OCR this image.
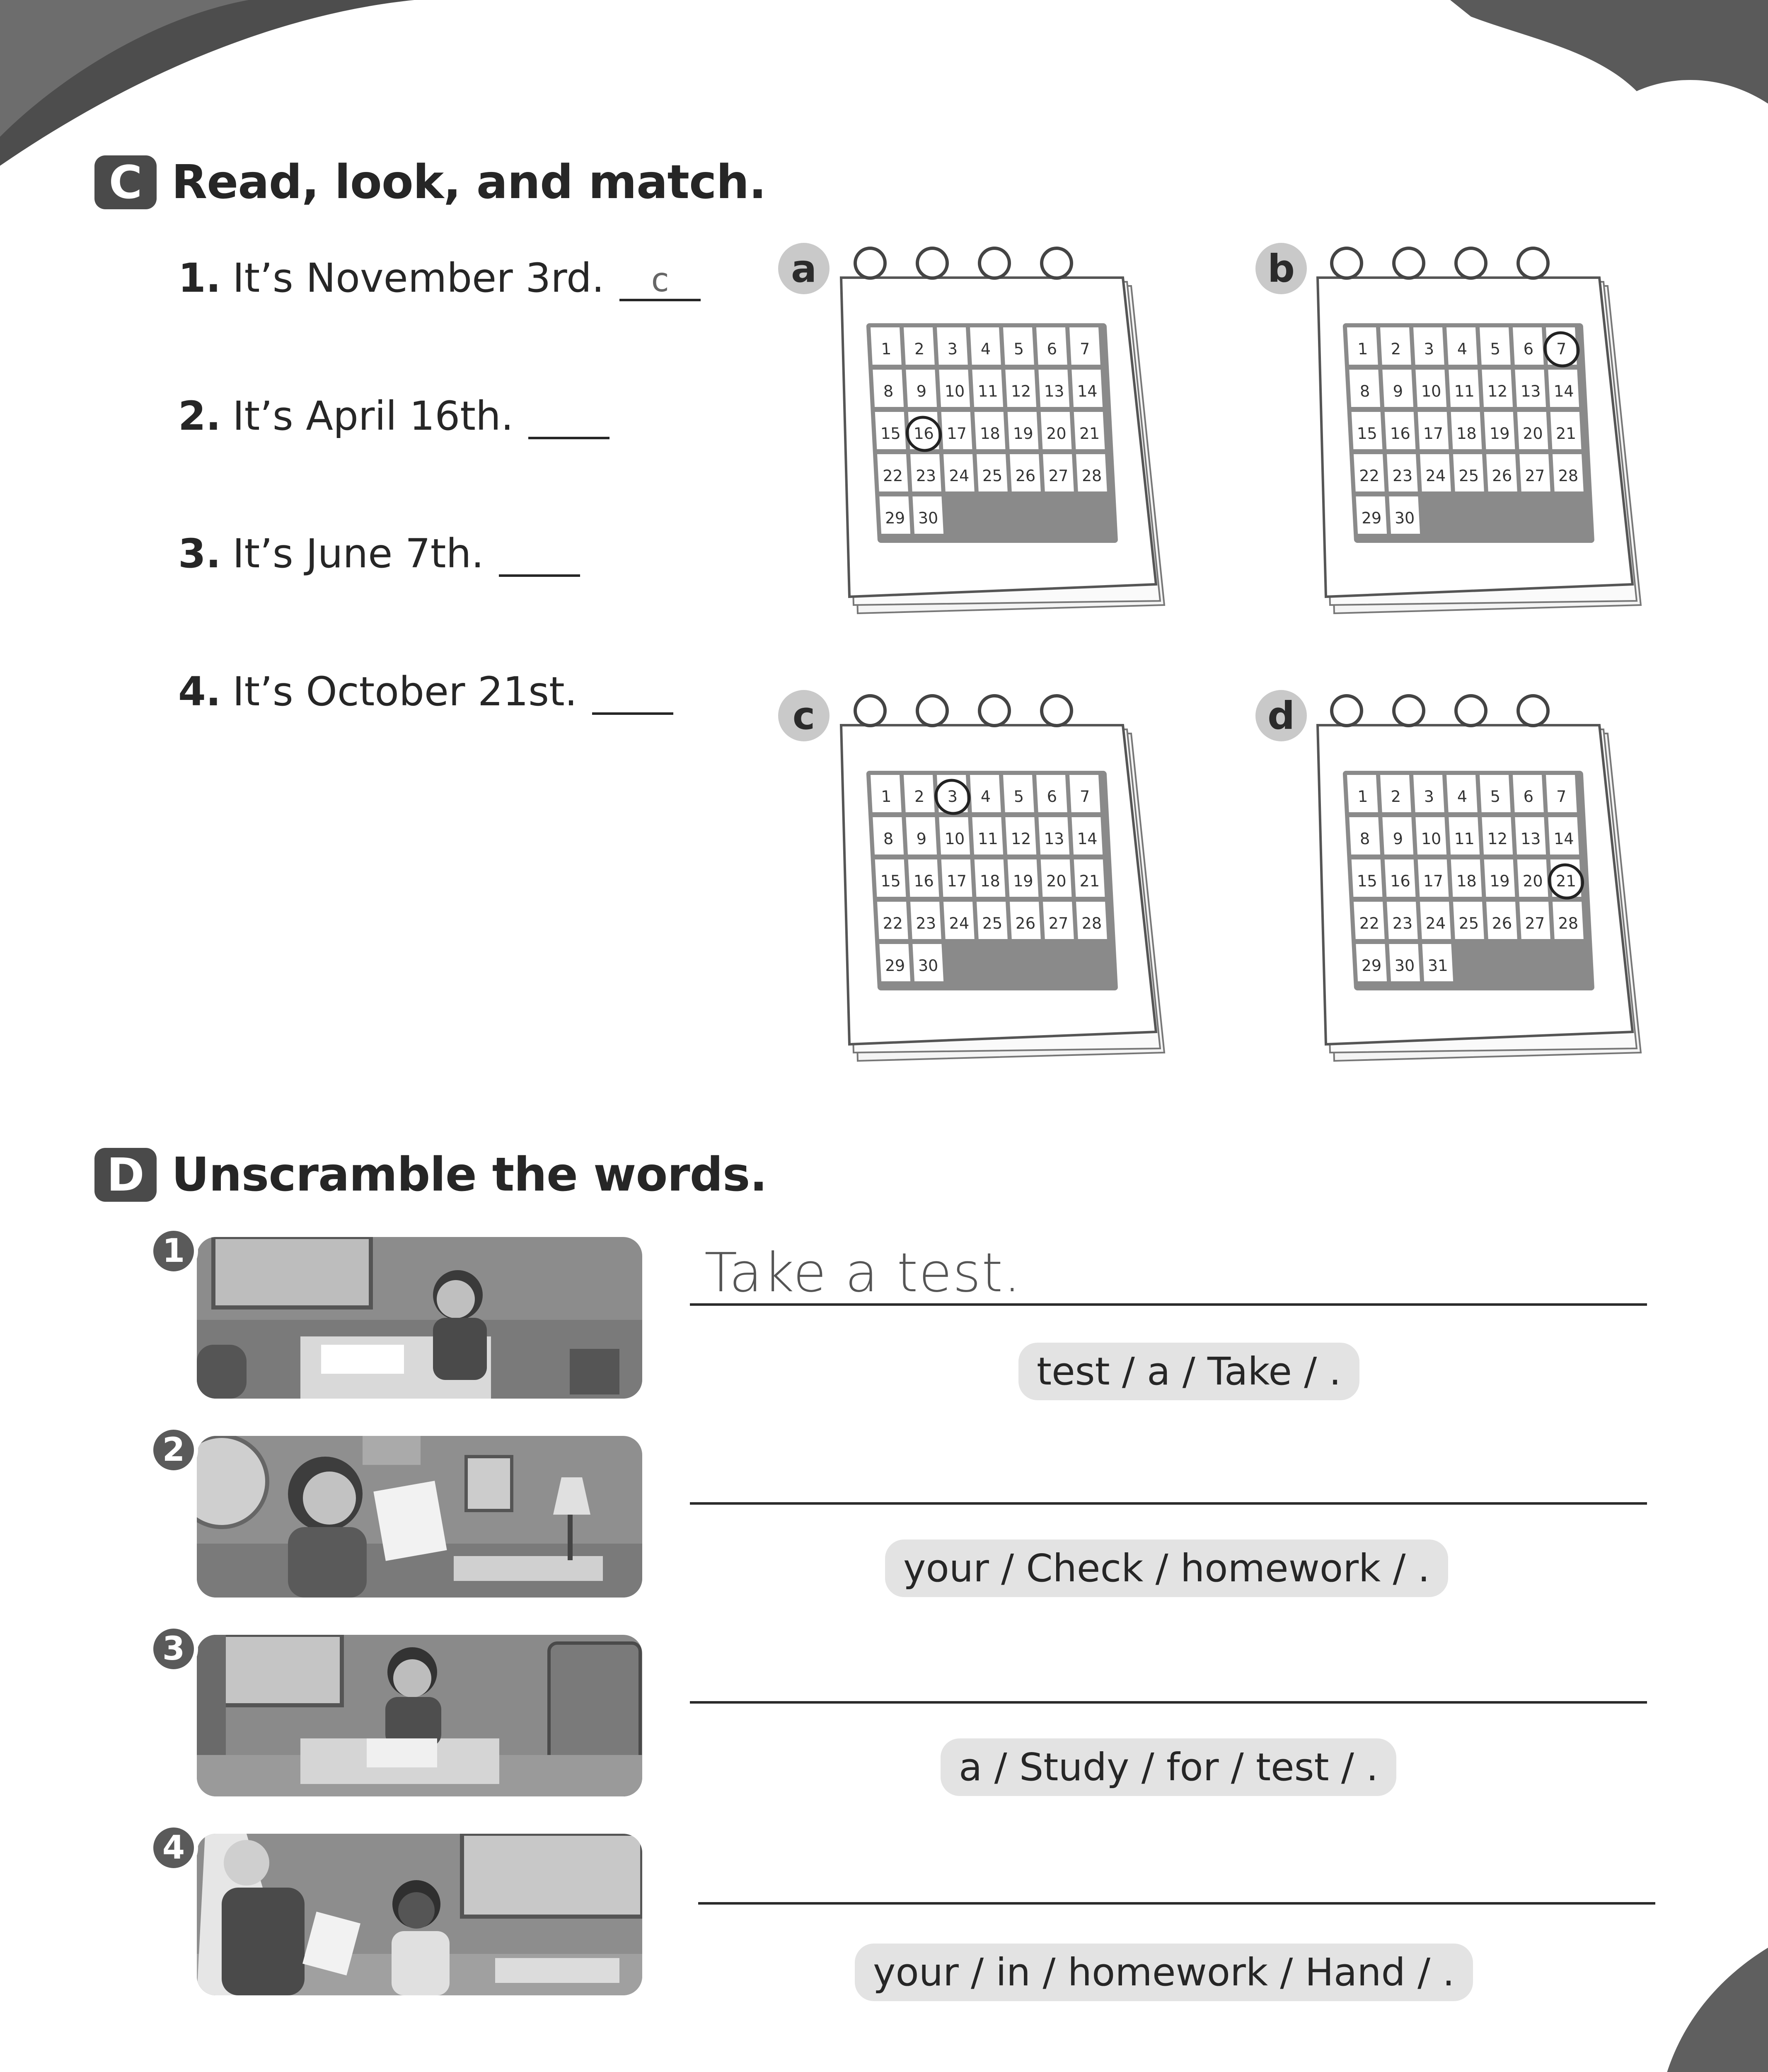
C Read, look, and match.
1. It’s November 3rd.	c
2. It’s April 16th.
3. It’s June 7th.
4. It’s October 21st.
a
1 2 3 4 5 6 7
8 9 10 11 12 13 14
15 16 17 18 19 20 21
22 23 24 25 26 27 28
29 30
b
1 2 3 4 5 6 7
8 9 10 11 12 13 14
15 16 17 18 19 20 21
22 23 24 25 26 27 28
29 30
c
1 2 3 4 5 6 7
8 9 10 11 12 13 14
15 16 17 18 19 20 21
22 23 24 25 26 27 28
29 30
d
1 2 3 4 5 6 7
8 9 10 11 12 13 14
15 16 17 18 19 20 21
22 23 24 25 26 27 28
29 30 31
D Unscramble the words.
1
2
3
4
Take a test.
test / a / Take / .
your / Check / homework / .
a / Study / for / test / .
your / in / homework / Hand / .
